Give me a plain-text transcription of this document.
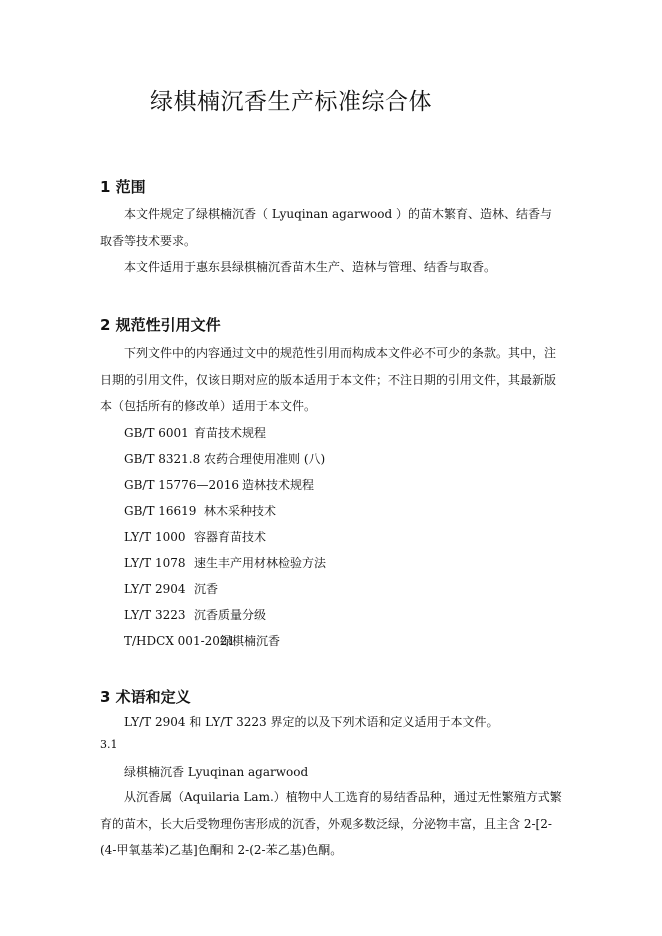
绿棋楠沉香生产标准综合体
1 范围
本文件规定了绿棋楠沉香（ Lyuqinan agarwood ）的苗木繁育、造林、结香与取香等技术要求。
本文件适用于惠东县绿棋楠沉香苗木生产、造林与管理、结香与取香。
2 规范性引用文件
下列文件中的内容通过文中的规范性引用而构成本文件必不可少的条款。其中，注日期的引用文件，仅该日期对应的版本适用于本文件；不注日期的引用文件，其最新版本（包括所有的修改单）适用于本文件。
GB/T 6001 育苗技术规程
GB/T 8321.8 农药合理使用准则 (八)
GB/T 15776—2016 造林技术规程
GB/T 16619 林木采种技术
LY/T 1000 容器育苗技术
LY/T 1078 速生丰产用材林检验方法
LY/T 2904 沉香
LY/T 3223 沉香质量分级
T/HDCX 001-2021绿棋楠沉香
3 术语和定义
LY/T 2904 和 LY/T 3223 界定的以及下列术语和定义适用于本文件。
3.1
绿棋楠沉香 Lyuqinan agarwood
从沉香属（Aquilaria Lam.）植物中人工选育的易结香品种，通过无性繁殖方式繁育的苗木，长大后受物理伤害形成的沉香，外观多数泛绿，分泌物丰富，且主含 2-[2-(4-甲氧基苯)乙基]色酮和 2-(2-苯乙基)色酮。
